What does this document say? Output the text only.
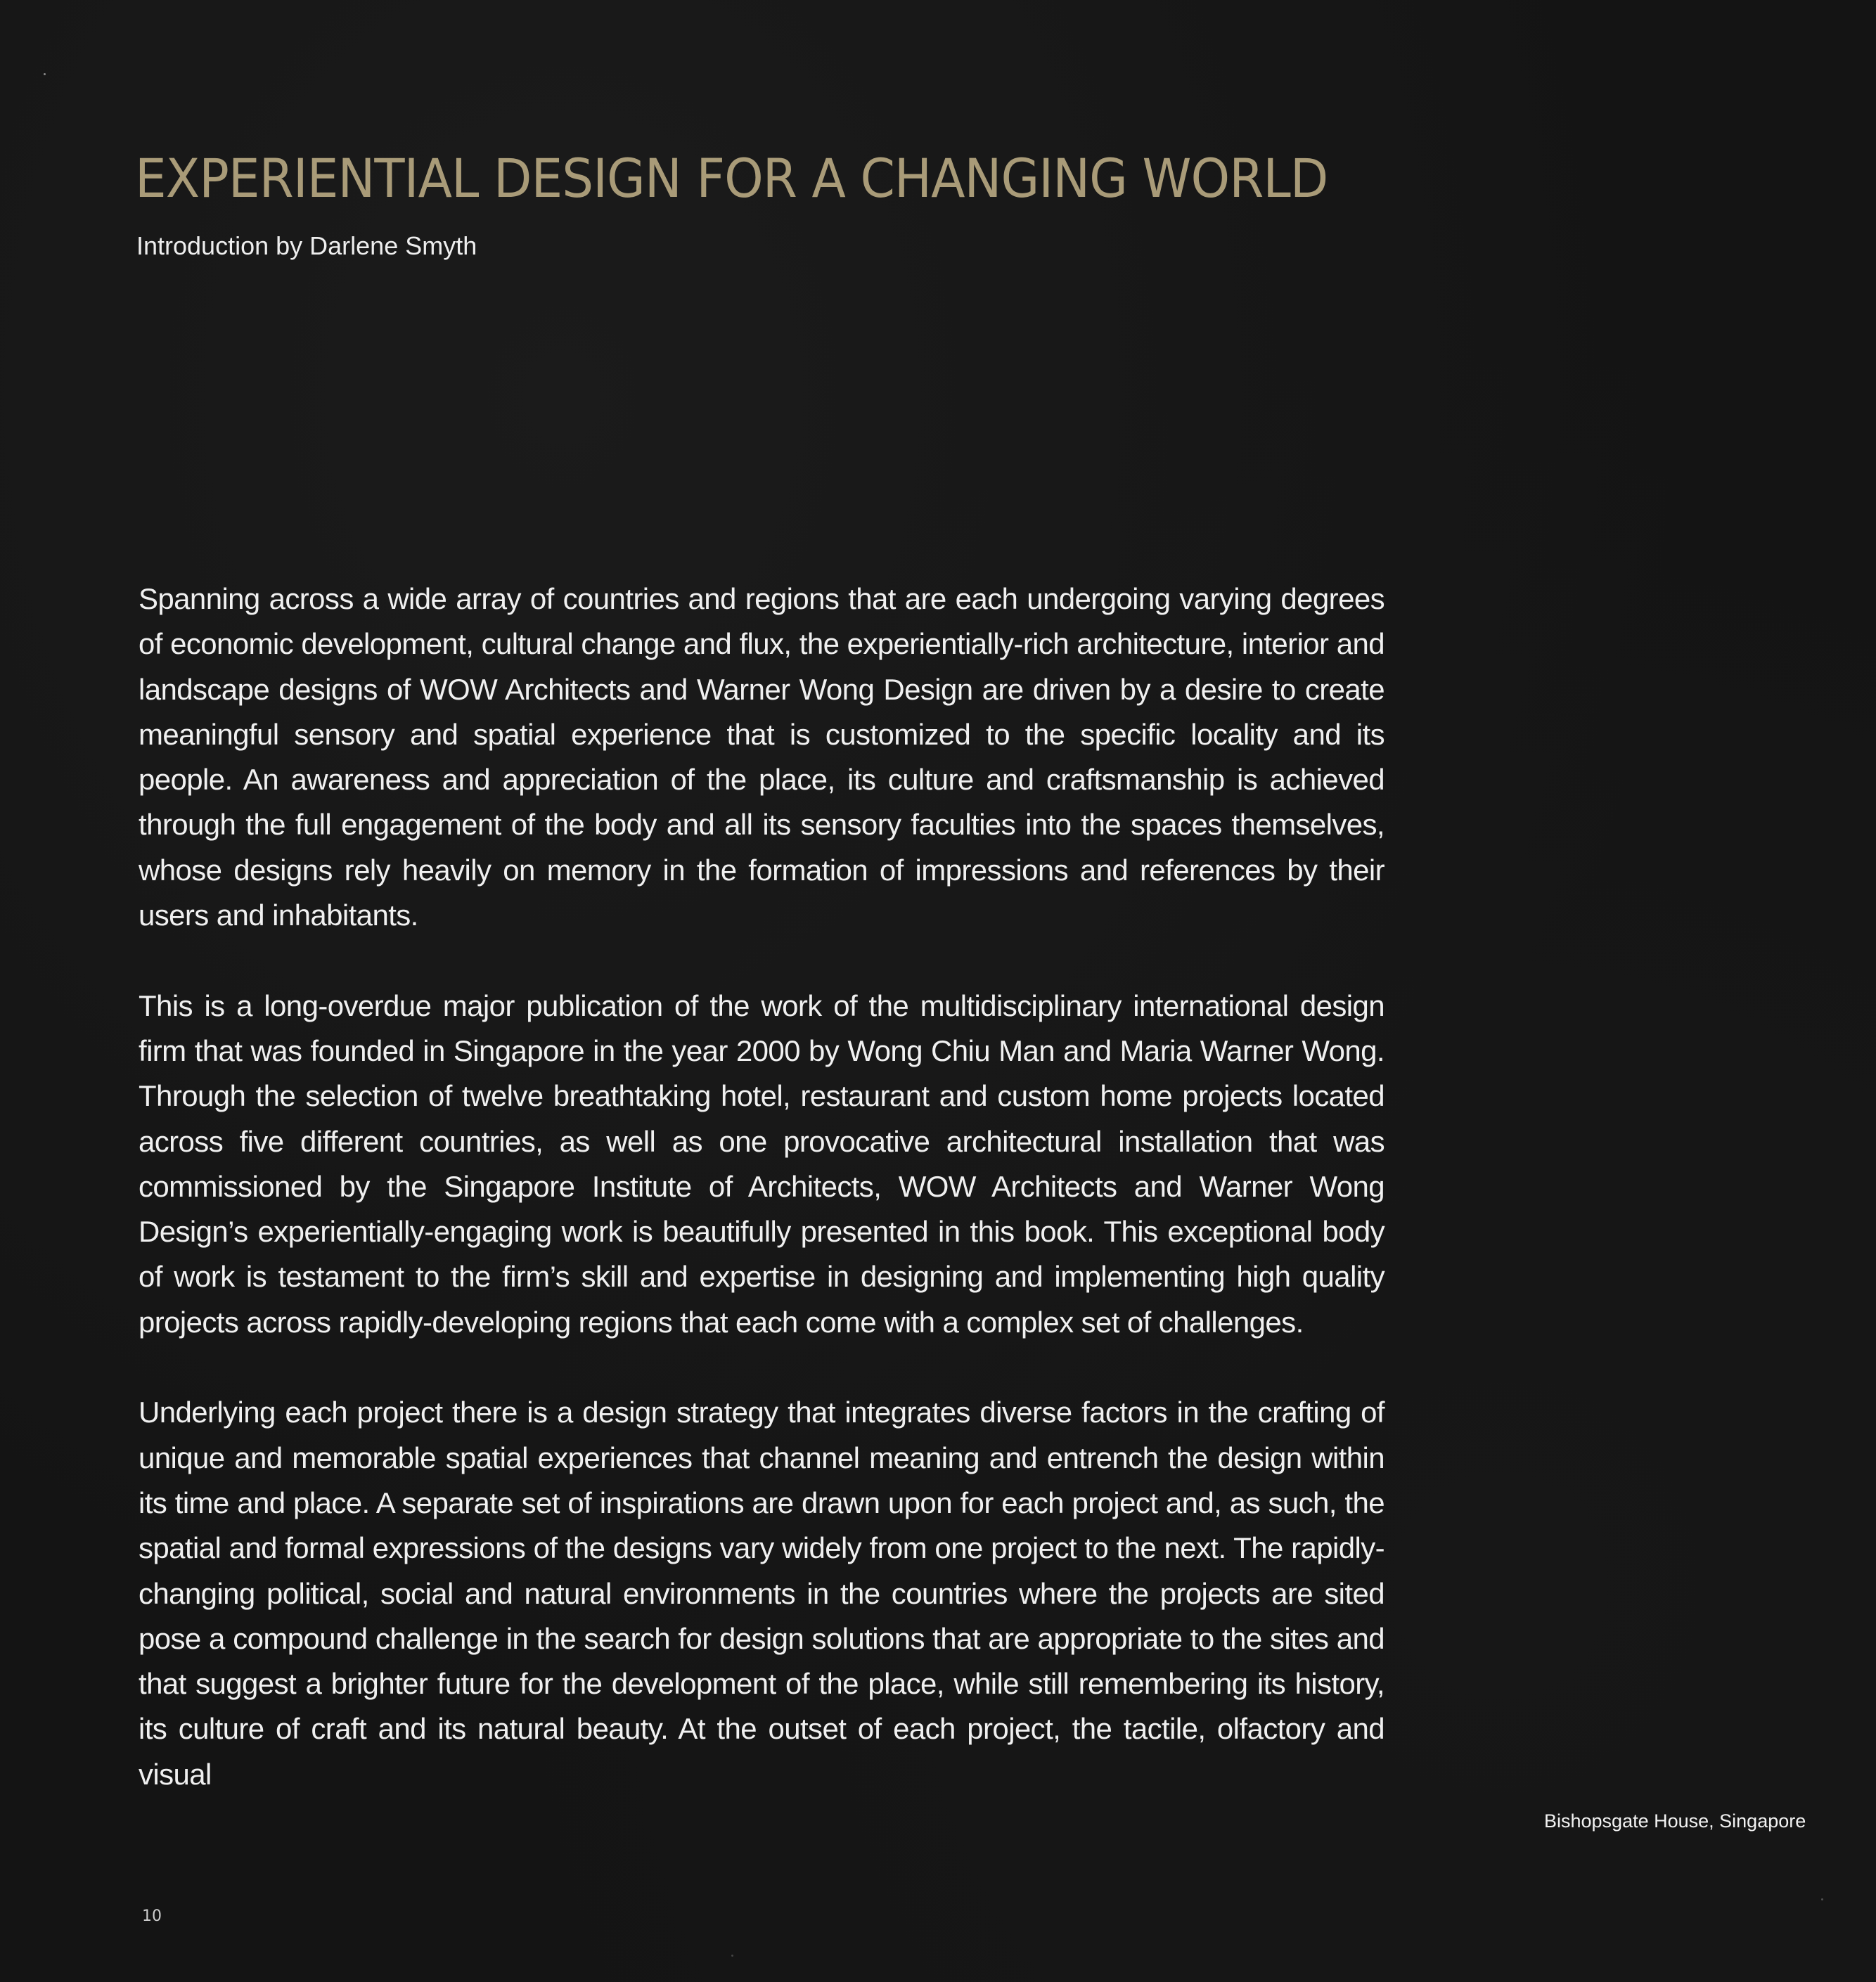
EXPERIENTIAL DESIGN FOR A CHANGING WORLD

Introduction by Darlene Smyth

Spanning across a wide array of countries and regions that are each undergoing varying degrees of economic development, cultural change and flux, the experientially-rich architecture, interior and landscape designs of WOW Architects and Warner Wong Design are driven by a desire to create meaningful sensory and spatial experience that is customized to the specific locality and its people. An awareness and appreciation of the place, its culture and craftsmanship is achieved through the full engagement of the body and all its sensory faculties into the spaces themselves, whose designs rely heavily on memory in the formation of impressions and references by their users and inhabitants.

This is a long-overdue major publication of the work of the multidisciplinary international design firm that was founded in Singapore in the year 2000 by Wong Chiu Man and Maria Warner Wong. Through the selection of twelve breathtaking hotel, restaurant and custom home projects located across five different countries, as well as one provocative architectural installation that was commissioned by the Singapore Institute of Architects, WOW Architects and Warner Wong Design’s experientially-engaging work is beautifully presented in this book. This exceptional body of work is testament to the firm’s skill and expertise in designing and implementing high quality projects across rapidly-developing regions that each come with a complex set of challenges.

Underlying each project there is a design strategy that integrates diverse factors in the crafting of unique and memorable spatial experiences that channel meaning and entrench the design within its time and place. A separate set of inspirations are drawn upon for each project and, as such, the spatial and formal expressions of the designs vary widely from one project to the next. The rapidly-changing political, social and natural environments in the countries where the projects are sited pose a compound challenge in the search for design solutions that are appropriate to the sites and that suggest a brighter future for the development of the place, while still remembering its history, its culture of craft and its natural beauty. At the outset of each project, the tactile, olfactory and visual

Bishopsgate House, Singapore

10
